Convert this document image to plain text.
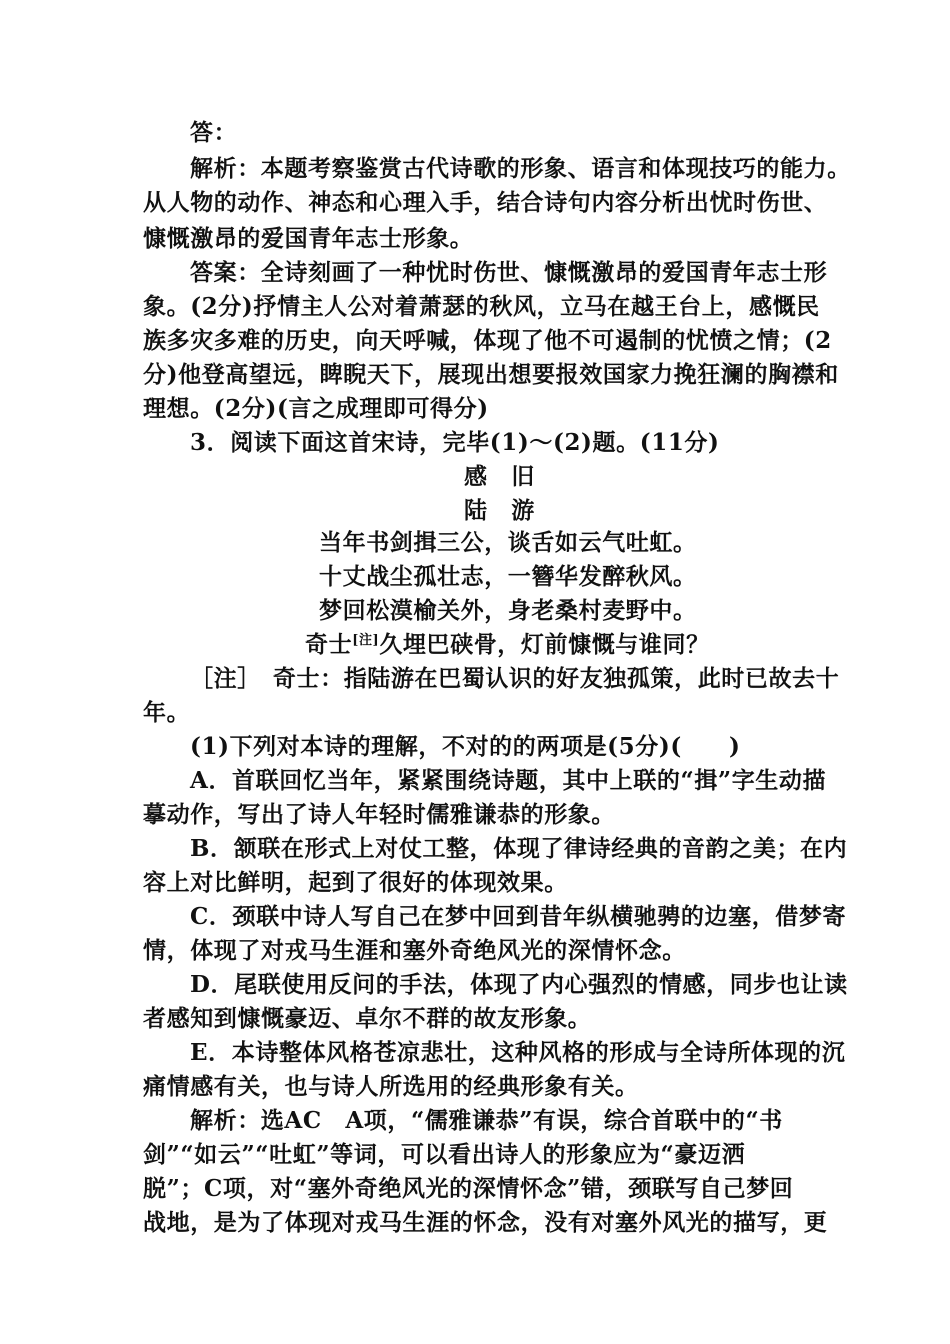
答：
解析：本题考察鉴赏古代诗歌的形象、语言和体现技巧的能力。
从人物的动作、神态和心理入手，结合诗句内容分析出忧时伤世、
慷慨激昂的爱国青年志士形象。
答案：全诗刻画了一种忧时伤世、慷慨激昂的爱国青年志士形
象。(2分)抒情主人公对着萧瑟的秋风，立马在越王台上，感慨民
族多灾多难的历史，向天呼喊，体现了他不可遏制的忧愤之情；(2
分)他登高望远，睥睨天下，展现出想要报效国家力挽狂澜的胸襟和
理想。(2分)(言之成理即可得分)
3．阅读下面这首宋诗，完毕(1)～(2)题。(11分)
感　旧
陆　游
当年书剑揖三公，谈舌如云气吐虹。
十丈战尘孤壮志，一簪华发醉秋风。
梦回松漠榆关外，身老桑村麦野中。
奇士[注]久埋巴硖骨，灯前慷慨与谁同？
［注］　奇士：指陆游在巴蜀认识的好友独孤策，此时已故去十
年。
(1)下列对本诗的理解，不对的的两项是(5分)(　　)
A．首联回忆当年，紧紧围绕诗题，其中上联的“揖”字生动描
摹动作，写出了诗人年轻时儒雅谦恭的形象。
B．颔联在形式上对仗工整，体现了律诗经典的音韵之美；在内
容上对比鲜明，起到了很好的体现效果。
C．颈联中诗人写自己在梦中回到昔年纵横驰骋的边塞，借梦寄
情，体现了对戎马生涯和塞外奇绝风光的深情怀念。
D．尾联使用反问的手法，体现了内心强烈的情感，同步也让读
者感知到慷慨豪迈、卓尔不群的故友形象。
E．本诗整体风格苍凉悲壮，这种风格的形成与全诗所体现的沉
痛情感有关，也与诗人所选用的经典形象有关。
解析：选AC　A项，“儒雅谦恭”有误，综合首联中的“书
剑”“如云”“吐虹”等词，可以看出诗人的形象应为“豪迈洒
脱”；C项，对“塞外奇绝风光的深情怀念”错，颈联写自己梦回
战地，是为了体现对戎马生涯的怀念，没有对塞外风光的描写，更
